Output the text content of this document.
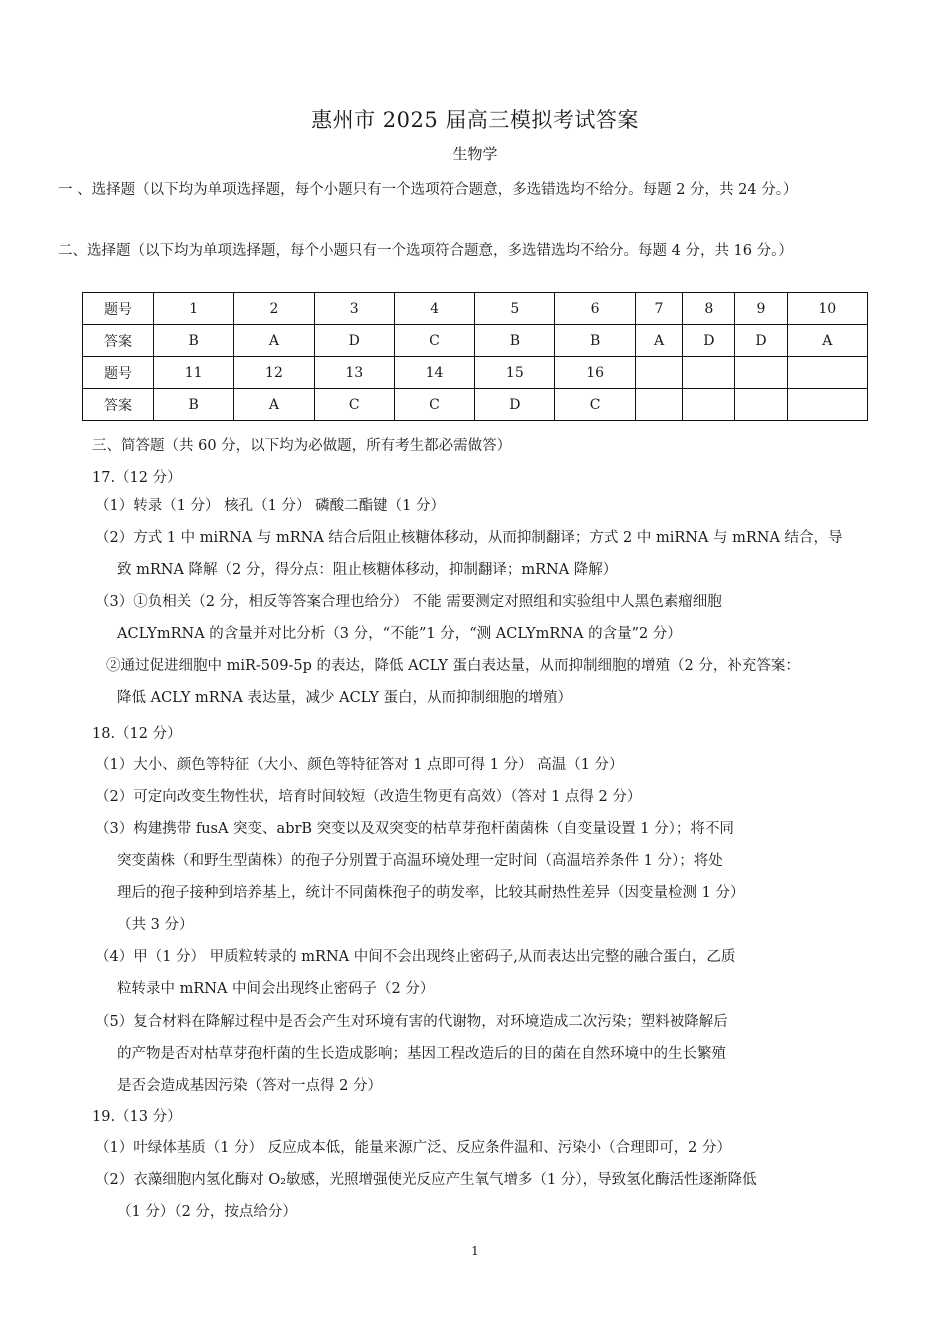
惠州市 2025 届高三模拟考试答案
生物学
一 、选择题（以下均为单项选择题，每个小题只有一个选项符合题意，多选错选均不给分。每题 2 分，共 24 分。）
二、选择题（以下均为单项选择题，每个小题只有一个选项符合题意，多选错选均不给分。每题 4 分，共 16 分。）
题号	1	2	3	4	5	6	7	8	9	10
答案	B	A	D	C	B	B	A	D	D	A
题号	11	12	13	14	15	16				
答案	B	A	C	C	D	C				
三、简答题（共 60 分，以下均为必做题，所有考生都必需做答）
17.（12 分）
（1）转录（1 分） 核孔（1 分） 磷酸二酯键（1 分）
（2）方式 1 中 miRNA 与 mRNA 结合后阻止核糖体移动，从而抑制翻译；方式 2 中 miRNA 与 mRNA 结合，导
致 mRNA 降解（2 分，得分点：阻止核糖体移动，抑制翻译；mRNA 降解）
（3）①负相关（2 分，相反等答案合理也给分） 不能 需要测定对照组和实验组中人黑色素瘤细胞
ACLYmRNA 的含量并对比分析（3 分，“不能”1 分，“测 ACLYmRNA 的含量”2 分）
②通过促进细胞中 miR-509-5p 的表达，降低 ACLY 蛋白表达量，从而抑制细胞的增殖（2 分，补充答案：
降低 ACLY mRNA 表达量，减少 ACLY 蛋白，从而抑制细胞的增殖）
18.（12 分）
（1）大小、颜色等特征（大小、颜色等特征答对 1 点即可得 1 分） 高温（1 分）
（2）可定向改变生物性状，培育时间较短（改造生物更有高效）（答对 1 点得 2 分）
（3）构建携带 fusA 突变、abrB 突变以及双突变的枯草芽孢杆菌菌株（自变量设置 1 分）；将不同
突变菌株（和野生型菌株）的孢子分别置于高温环境处理一定时间（高温培养条件 1 分）；将处
理后的孢子接种到培养基上，统计不同菌株孢子的萌发率，比较其耐热性差异（因变量检测 1 分）
（共 3 分）
（4）甲（1 分） 甲质粒转录的 mRNA 中间不会出现终止密码子,从而表达出完整的融合蛋白，乙质
粒转录中 mRNA 中间会出现终止密码子（2 分）
（5）复合材料在降解过程中是否会产生对环境有害的代谢物，对环境造成二次污染；塑料被降解后
的产物是否对枯草芽孢杆菌的生长造成影响；基因工程改造后的目的菌在自然环境中的生长繁殖
是否会造成基因污染（答对一点得 2 分）
19.（13 分）
（1）叶绿体基质（1 分） 反应成本低，能量来源广泛、反应条件温和、污染小（合理即可，2 分）
（2）衣藻细胞内氢化酶对 O₂敏感，光照增强使光反应产生氧气增多（1 分），导致氢化酶活性逐渐降低
（1 分）（2 分，按点给分）
1
